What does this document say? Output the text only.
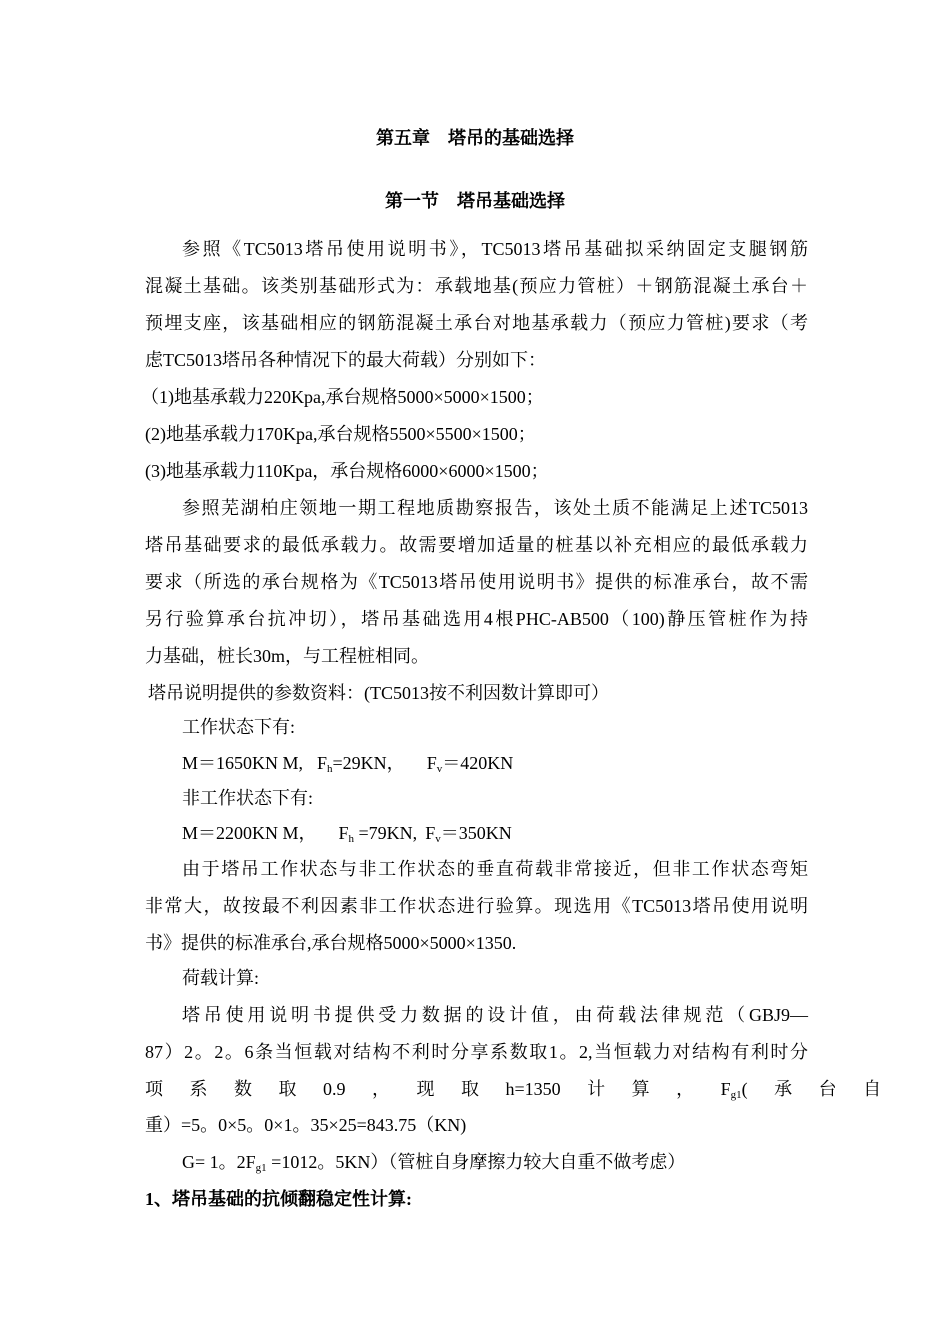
第五章    塔吊的基础选择
第一节    塔吊基础选择
参照《TC5013塔吊使用说明书》，TC5013塔吊基础拟采纳固定支腿钢筋
混凝土基础。该类别基础形式为：承载地基(预应力管桩）＋钢筋混凝土承台＋
预埋支座，该基础相应的钢筋混凝土承台对地基承载力（预应力管桩)要求（考
虑TC5013塔吊各种情况下的最大荷载）分别如下：
（1)地基承载力220Kpa,承台规格5000×5000×1500；
(2)地基承载力170Kpa,承台规格5500×5500×1500；
(3)地基承载力110Kpa，承台规格6000×6000×1500；
参照芜湖柏庄领地一期工程地质勘察报告，该处土质不能满足上述TC5013
塔吊基础要求的最低承载力。故需要增加适量的桩基以补充相应的最低承载力
要求（所选的承台规格为《TC5013塔吊使用说明书》提供的标准承台，故不需
另行验算承台抗冲切），塔吊基础选用4根PHC-AB500（100)静压管桩作为持
力基础，桩长30m，与工程桩相同。
塔吊说明提供的参数资料：(TC5013按不利因数计算即可）
工作状态下有:
M＝1650KN M, $F_h=29KN$， $F_v=420KN$
非工作状态下有:
M＝2200KN M， $F_h =79KN$, $F_v=350KN$
由于塔吊工作状态与非工作状态的垂直荷载非常接近，但非工作状态弯矩
非常大，故按最不利因素非工作状态进行验算。现选用《TC5013塔吊使用说明
书》提供的标准承台,承台规格5000×5000×1350.
荷载计算:
塔吊使用说明书提供受力数据的设计值，由荷载法律规范（GBJ9—
87）2。2。6条当恒载对结构不利时分享系数取1。2,当恒载力对结构有利时分
项 系 数 取 0.9 ， 现 取 h=1350 计 算 ， F $_{g1}$( 承 台 自
重）=5。0×5。0×1。35×25=843.75（KN)
G= 1。$2F_{g1} =1012$。5KN）（管桩自身摩擦力较大自重不做考虑）
1、塔吊基础的抗倾翻稳定性计算:
